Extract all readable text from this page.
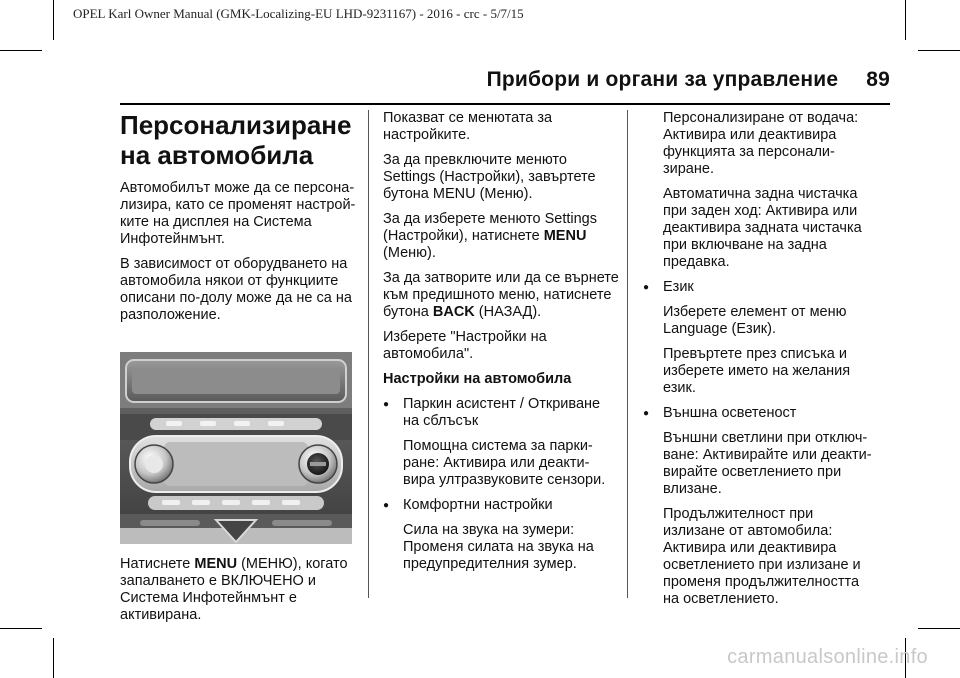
OPEL Karl Owner Manual (GMK-Localizing-EU LHD-9231167) - 2016 - crc - 5/7/15
Прибори и органи за управление 89
Персонализиране на автомобила

Автомобилът може да се персона-лизира, като се променят настрой-ките на дисплея на Система Инфотейнмънт.

В зависимост от оборудването на автомобила някои от функциите описани по-долу може да не са на разположение.

Натиснете MENU (МЕНЮ), когато запалването е ВКЛЮЧЕНО и Система Инфотейнмънт е активирана.

Показват се менютата за настройките.

За да превключите менюто Settings (Настройки), завъртете бутона MENU (Меню).

За да изберете менюто Settings (Настройки), натиснете MENU (Меню).

За да затворите или да се върнете към предишното меню, натиснете бутона BACK (НАЗАД).

Изберете "Настройки на автомобила".

Настройки на автомобила

● Паркин асистент / Откриване на сблъсък

Помощна система за парки-ране: Активира или деакти-вира ултразвуковите сензори.

● Комфортни настройки

Сила на звука на зумери: Променя силата на звука на предупредителния зумер.

Персонализиране от водача: Активира или деактивира функцията за персонали-зиране.

Автоматична задна чистачка при заден ход: Активира или деактивира задната чистачка при включване на задна предавка.

● Език

Изберете елемент от меню Language (Език).

Превъртете през списъка и изберете името на желания език.

● Външна осветеност

Външни светлини при отключ-ване: Активирайте или деакти-вирайте осветлението при влизане.

Продължителност при излизане от автомобила: Активира или деактивира осветлението при излизане и променя продължителността на осветлението.

carmanualsonline.info
